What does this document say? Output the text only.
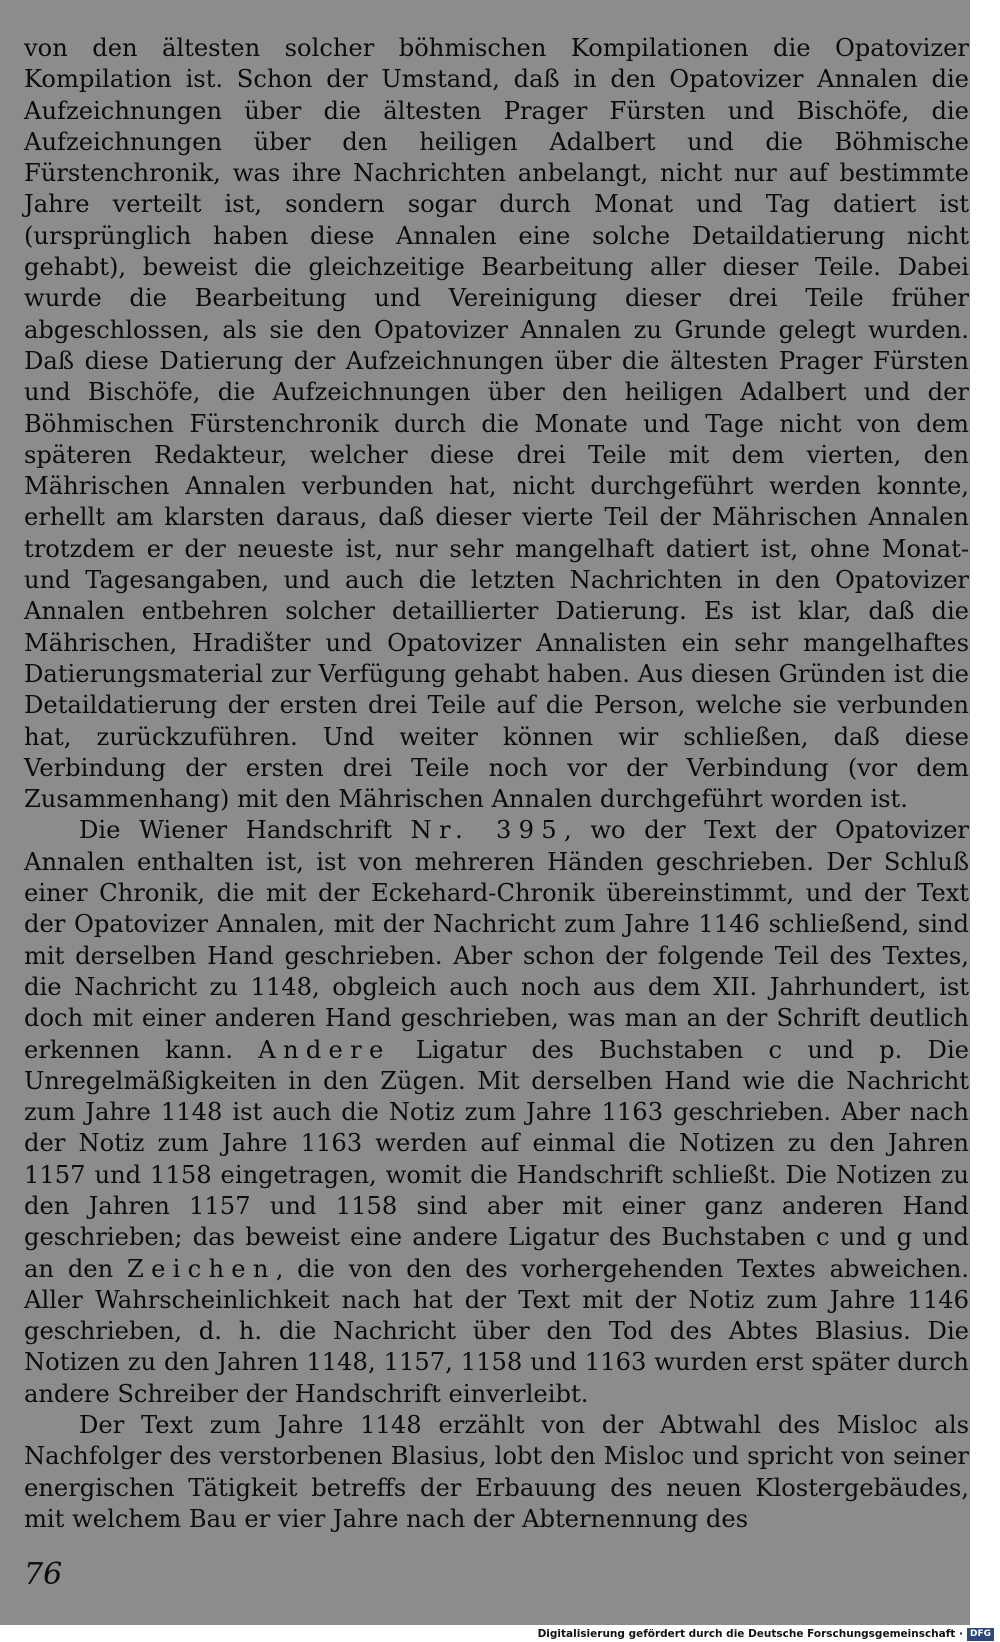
von den ältesten solcher böhmischen Kompilationen die Opatovizer Kompilation ist. Schon der Umstand, daß in den Opatovizer Annalen die Aufzeichnungen über die ältesten Prager Fürsten und Bischöfe, die Aufzeichnungen über den heiligen Adalbert und die Böhmische Fürstenchronik, was ihre Nachrichten anbelangt, nicht nur auf bestimmte Jahre verteilt ist, sondern sogar durch Monat und Tag datiert ist (ursprünglich haben diese Annalen eine solche Detaildatierung nicht gehabt), beweist die gleichzeitige Bearbeitung aller dieser Teile. Dabei wurde die Bearbeitung und Vereinigung dieser drei Teile früher abgeschlossen, als sie den Opatovizer Annalen zu Grunde gelegt wurden. Daß diese Datierung der Aufzeichnungen über die ältesten Prager Fürsten und Bischöfe, die Aufzeichnungen über den heiligen Adalbert und der Böhmischen Fürstenchronik durch die Monate und Tage nicht von dem späteren Redakteur, welcher diese drei Teile mit dem vierten, den Mährischen Annalen verbunden hat, nicht durchgeführt werden konnte, erhellt am klarsten daraus, daß dieser vierte Teil der Mährischen Annalen trotzdem er der neueste ist, nur sehr mangelhaft datiert ist, ohne Monat- und Tagesangaben, und auch die letzten Nachrichten in den Opatovizer Annalen entbehren solcher detaillierter Datierung. Es ist klar, daß die Mährischen, Hradišter und Opatovizer Annalisten ein sehr mangelhaftes Datierungsmaterial zur Verfügung gehabt haben. Aus diesen Gründen ist die Detaildatierung der ersten drei Teile auf die Person, welche sie verbunden hat, zurückzuführen. Und weiter können wir schließen, daß diese Verbindung der ersten drei Teile noch vor der Verbindung (vor dem Zusammenhang) mit den Mährischen Annalen durchgeführt worden ist.

Die Wiener Handschrift Nr. 395, wo der Text der Opatovizer Annalen enthalten ist, ist von mehreren Händen geschrieben. Der Schluß einer Chronik, die mit der Eckehard-Chronik übereinstimmt, und der Text der Opatovizer Annalen, mit der Nachricht zum Jahre 1146 schließend, sind mit derselben Hand geschrieben. Aber schon der folgende Teil des Textes, die Nachricht zu 1148, obgleich auch noch aus dem XII. Jahrhundert, ist doch mit einer anderen Hand geschrieben, was man an der Schrift deutlich erkennen kann. Andere Ligatur des Buchstaben c und p. Die Unregelmäßigkeiten in den Zügen. Mit derselben Hand wie die Nachricht zum Jahre 1148 ist auch die Notiz zum Jahre 1163 geschrieben. Aber nach der Notiz zum Jahre 1163 werden auf einmal die Notizen zu den Jahren 1157 und 1158 eingetragen, womit die Handschrift schließt. Die Notizen zu den Jahren 1157 und 1158 sind aber mit einer ganz anderen Hand geschrieben; das beweist eine andere Ligatur des Buchstaben c und g und an den Zeichen, die von den des vorhergehenden Textes abweichen. Aller Wahrscheinlichkeit nach hat der Text mit der Notiz zum Jahre 1146 geschrieben, d. h. die Nachricht über den Tod des Abtes Blasius. Die Notizen zu den Jahren 1148, 1157, 1158 und 1163 wurden erst später durch andere Schreiber der Handschrift einverleibt.

Der Text zum Jahre 1148 erzählt von der Abtwahl des Misloc als Nachfolger des verstorbenen Blasius, lobt den Misloc und spricht von seiner energischen Tätigkeit betreffs der Erbauung des neuen Klostergebäudes, mit welchem Bau er vier Jahre nach der Abternennung des

76
Digitalisierung gefördert durch die Deutsche Forschungsgemeinschaft · DFG
